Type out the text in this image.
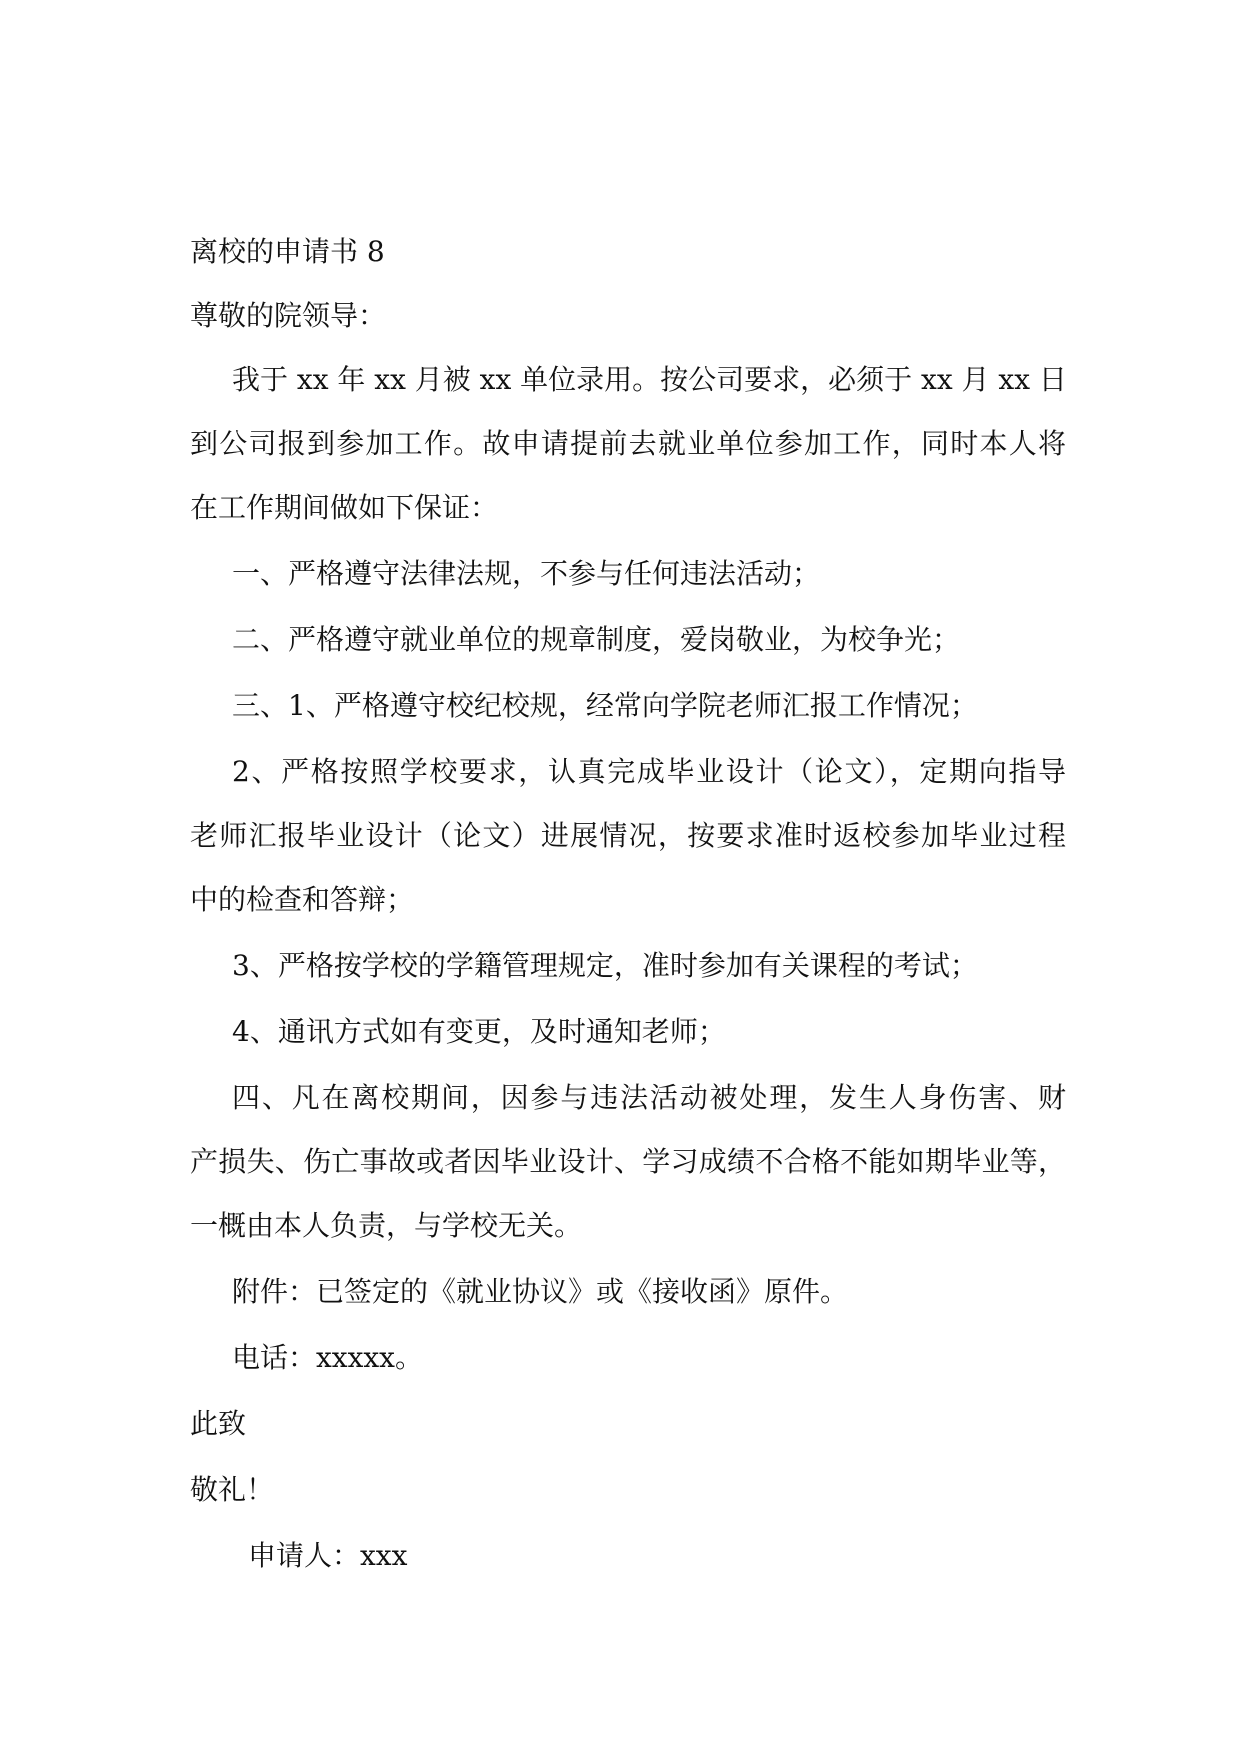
离校的申请书 8

尊敬的院领导：

我于 xx 年 xx 月被 xx 单位录用。按公司要求，必须于 xx 月 xx 日

到公司报到参加工作。故申请提前去就业单位参加工作，同时本人将

在工作期间做如下保证：

一、严格遵守法律法规，不参与任何违法活动；

二、严格遵守就业单位的规章制度，爱岗敬业，为校争光；

三、1、严格遵守校纪校规，经常向学院老师汇报工作情况；

2、严格按照学校要求，认真完成毕业设计（论文），定期向指导

老师汇报毕业设计（论文）进展情况，按要求准时返校参加毕业过程

中的检查和答辩；

3、严格按学校的学籍管理规定，准时参加有关课程的考试；

4、通讯方式如有变更，及时通知老师；

四、凡在离校期间，因参与违法活动被处理，发生人身伤害、财

产损失、伤亡事故或者因毕业设计、学习成绩不合格不能如期毕业等，

一概由本人负责，与学校无关。

附件：已签定的《就业协议》或《接收函》原件。

电话：xxxxx。

此致

敬礼！

申请人：xxx
